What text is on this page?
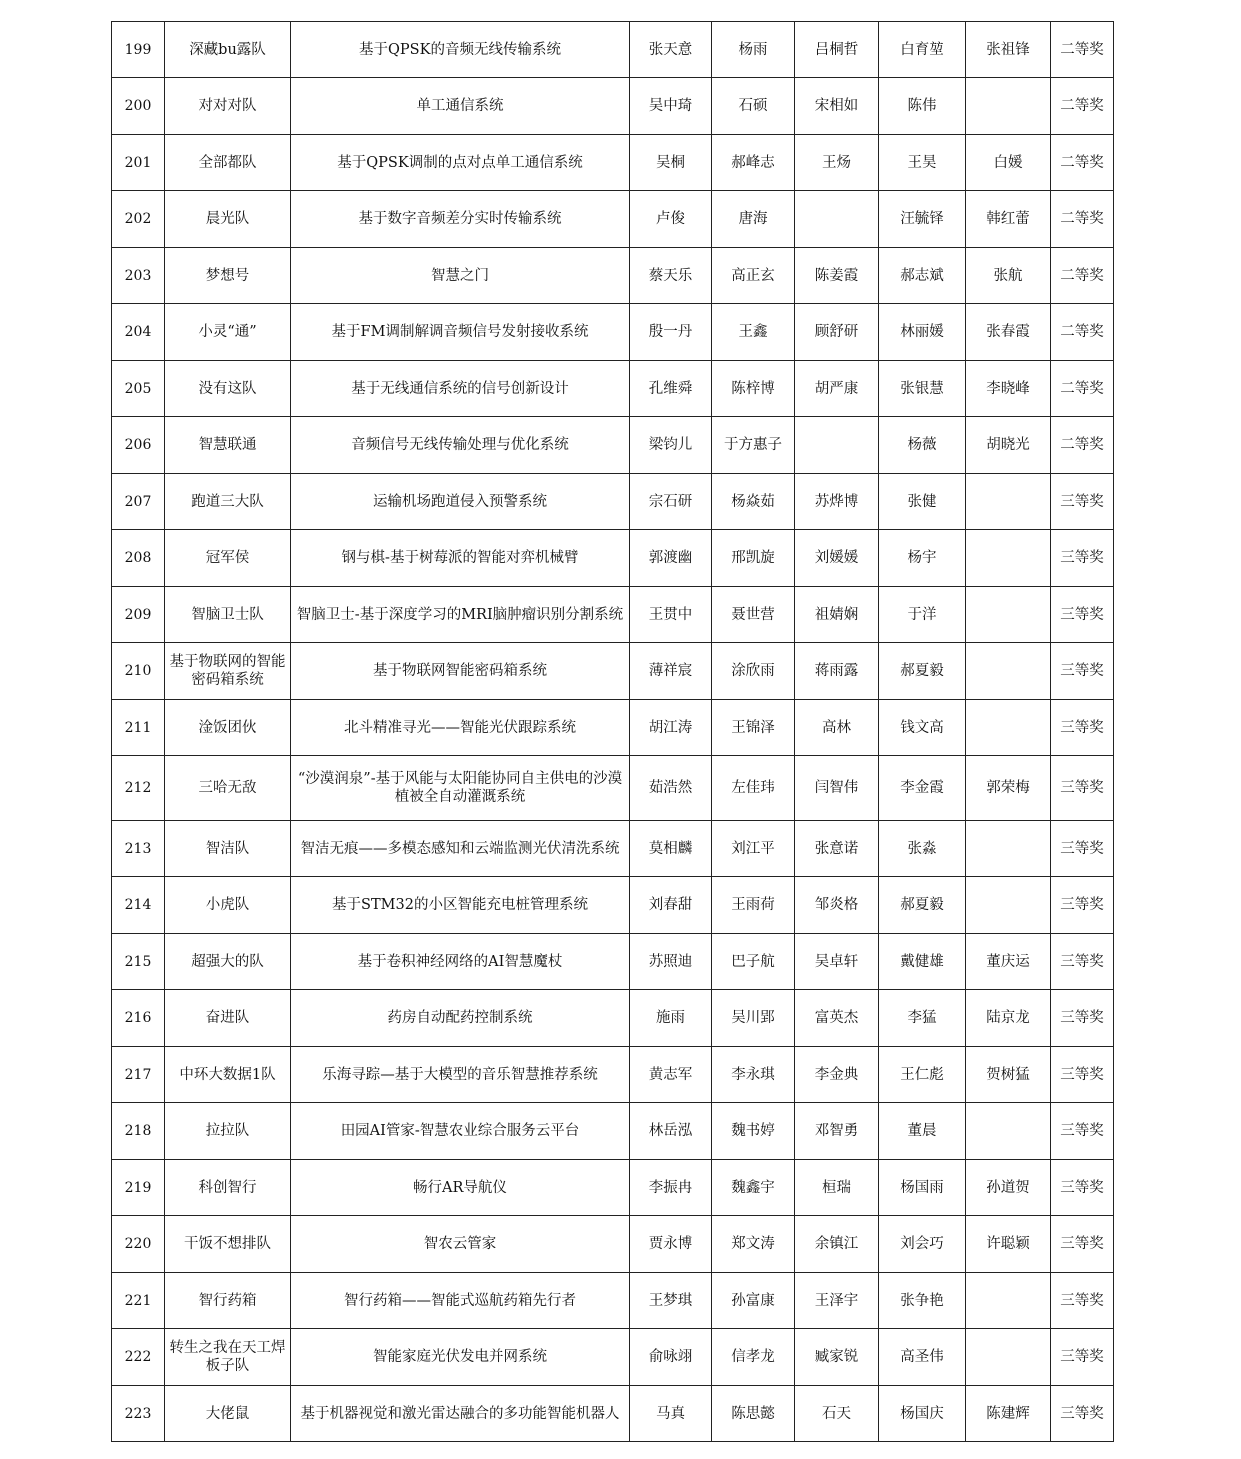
199	深藏bu露队	基于QPSK的音频无线传输系统	张天意	杨雨	吕桐哲	白育堃	张祖锋	二等奖
200	对对对队	单工通信系统	吴中琦	石硕	宋相如	陈伟		二等奖
201	全部都队	基于QPSK调制的点对点单工通信系统	吴桐	郝峰志	王炀	王昊	白媛	二等奖
202	晨光队	基于数字音频差分实时传输系统	卢俊	唐海		汪毓铎	韩红蕾	二等奖
203	梦想号	智慧之门	蔡天乐	高正玄	陈姜霞	郝志斌	张航	二等奖
204	小灵“通”	基于FM调制解调音频信号发射接收系统	殷一丹	王鑫	顾舒研	林丽媛	张春霞	二等奖
205	没有这队	基于无线通信系统的信号创新设计	孔维舜	陈梓博	胡严康	张银慧	李晓峰	二等奖
206	智慧联通	音频信号无线传输处理与优化系统	梁钧儿	于方惠子		杨薇	胡晓光	二等奖
207	跑道三大队	运输机场跑道侵入预警系统	宗石研	杨焱茹	苏烨博	张健		三等奖
208	冠军侯	钢与棋-基于树莓派的智能对弈机械臂	郭渡幽	邢凯旋	刘媛媛	杨宇		三等奖
209	智脑卫士队	智脑卫士-基于深度学习的MRI脑肿瘤识别分割系统	王贯中	聂世营	祖婧娴	于洋		三等奖
210	基于物联网的智能密码箱系统	基于物联网智能密码箱系统	薄祥宸	涂欣雨	蒋雨露	郝夏毅		三等奖
211	淦饭团伙	北斗精准寻光——智能光伏跟踪系统	胡江涛	王锦泽	高林	钱文高		三等奖
212	三哈无敌	“沙漠润泉”-基于风能与太阳能协同自主供电的沙漠植被全自动灌溉系统	茹浩然	左佳玮	闫智伟	李金霞	郭荣梅	三等奖
213	智洁队	智洁无痕——多模态感知和云端监测光伏清洗系统	莫相麟	刘江平	张意诺	张淼		三等奖
214	小虎队	基于STM32的小区智能充电桩管理系统	刘春甜	王雨荷	邹炎格	郝夏毅		三等奖
215	超强大的队	基于卷积神经网络的AI智慧魔杖	苏照迪	巴子航	吴卓轩	戴健雄	董庆运	三等奖
216	奋进队	药房自动配药控制系统	施雨	吴川郢	富英杰	李猛	陆京龙	三等奖
217	中环大数据1队	乐海寻踪—基于大模型的音乐智慧推荐系统	黄志军	李永琪	李金典	王仁彪	贺树猛	三等奖
218	拉拉队	田园AI管家-智慧农业综合服务云平台	林岳泓	魏书婷	邓智勇	董晨		三等奖
219	科创智行	畅行AR导航仪	李振冉	魏鑫宇	桓瑞	杨国雨	孙道贺	三等奖
220	干饭不想排队	智农云管家	贾永博	郑文涛	余镇江	刘会巧	许聪颖	三等奖
221	智行药箱	智行药箱——智能式巡航药箱先行者	王梦琪	孙富康	王泽宇	张争艳		三等奖
222	转生之我在天工焊板子队	智能家庭光伏发电并网系统	俞咏翊	信孝龙	臧家锐	高圣伟		三等奖
223	大佬鼠	基于机器视觉和激光雷达融合的多功能智能机器人	马真	陈思懿	石天	杨国庆	陈建辉	三等奖
